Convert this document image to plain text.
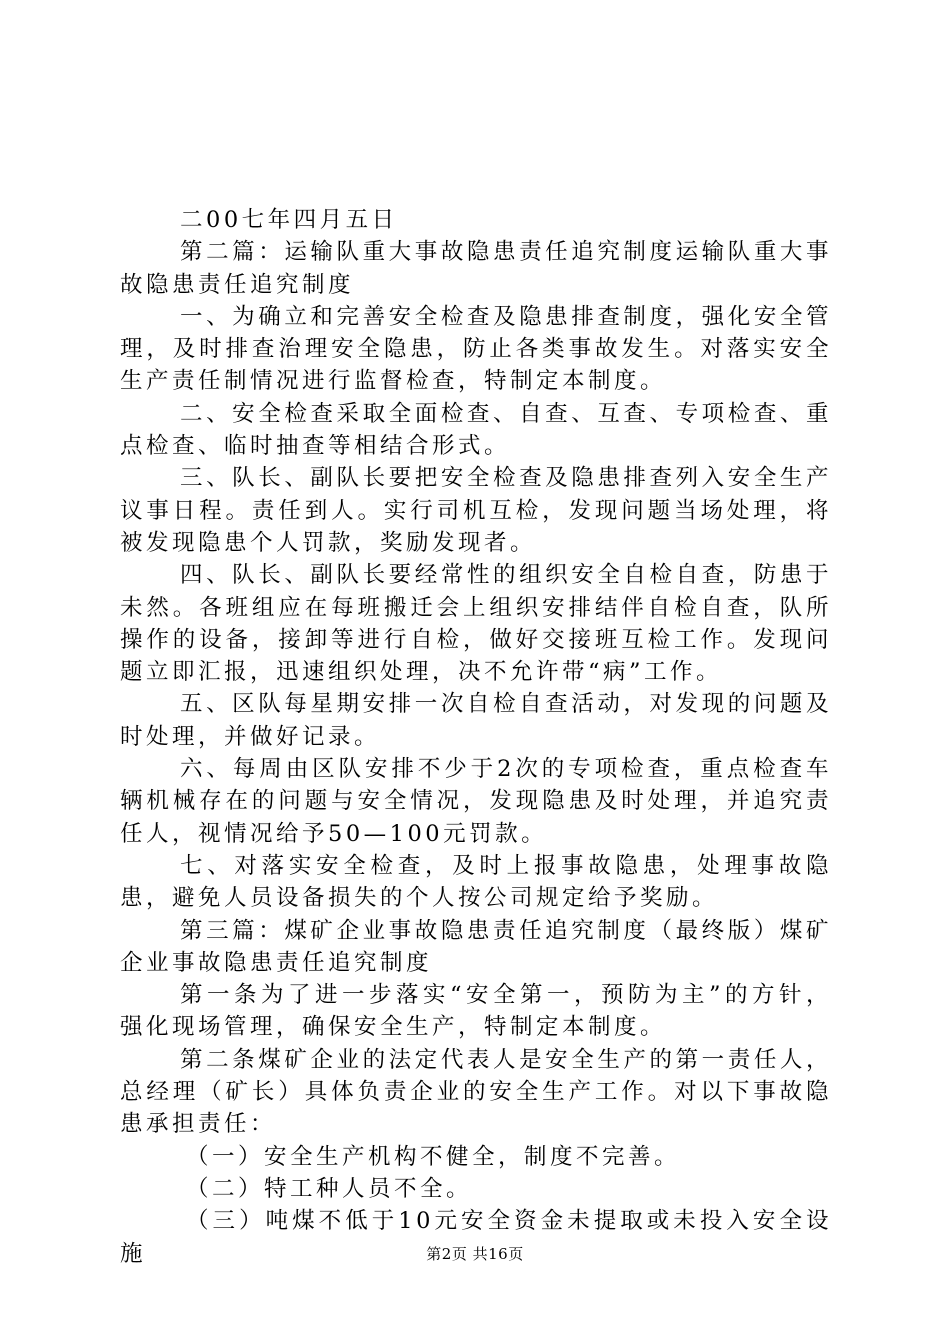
二00七年四月五日

第二篇：运输队重大事故隐患责任追究制度运输队重大事故隐患责任追究制度

一、为确立和完善安全检查及隐患排查制度，强化安全管理，及时排查治理安全隐患，防止各类事故发生。对落实安全生产责任制情况进行监督检查，特制定本制度。

二、安全检查采取全面检查、自查、互查、专项检查、重点检查、临时抽查等相结合形式。

三、队长、副队长要把安全检查及隐患排查列入安全生产议事日程。责任到人。实行司机互检，发现问题当场处理，将被发现隐患个人罚款，奖励发现者。

四、队长、副队长要经常性的组织安全自检自查，防患于未然。各班组应在每班搬迁会上组织安排结伴自检自查，队所操作的设备，接卸等进行自检，做好交接班互检工作。发现问题立即汇报，迅速组织处理，决不允许带“病”工作。

五、区队每星期安排一次自检自查活动，对发现的问题及时处理，并做好记录。

六、每周由区队安排不少于2次的专项检查，重点检查车辆机械存在的问题与安全情况，发现隐患及时处理，并追究责任人，视情况给予50—100元罚款。

七、对落实安全检查，及时上报事故隐患，处理事故隐患，避免人员设备损失的个人按公司规定给予奖励。

第三篇：煤矿企业事故隐患责任追究制度（最终版）煤矿企业事故隐患责任追究制度

第一条为了进一步落实“安全第一，预防为主”的方针，强化现场管理，确保安全生产，特制定本制度。

第二条煤矿企业的法定代表人是安全生产的第一责任人，总经理（矿长）具体负责企业的安全生产工作。对以下事故隐患承担责任：

（一）安全生产机构不健全，制度不完善。

（二）特工种人员不全。

（三）吨煤不低于10元安全资金未提取或未投入安全设施	第2页 共16页
